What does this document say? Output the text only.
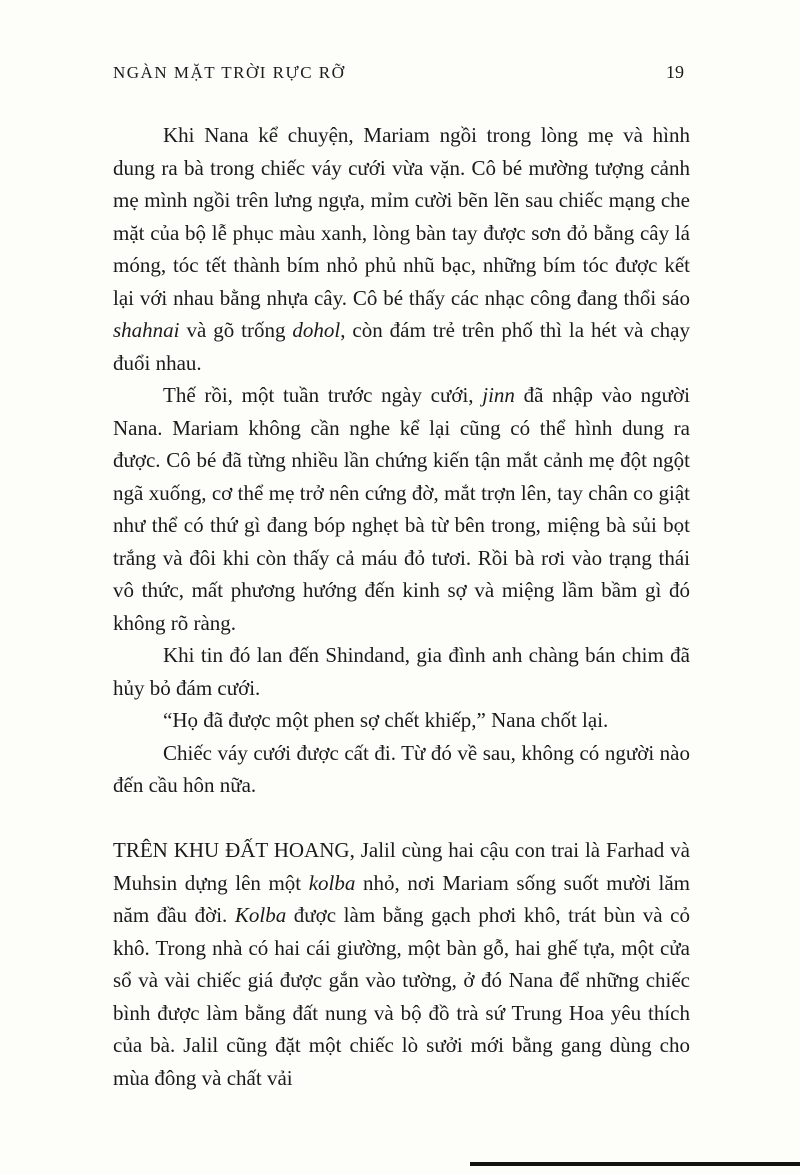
NGÀN MẶT TRỜI RỰC RỠ	19

Khi Nana kể chuyện, Mariam ngồi trong lòng mẹ và hình dung ra bà trong chiếc váy cưới vừa vặn. Cô bé mường tượng cảnh mẹ mình ngồi trên lưng ngựa, mỉm cười bẽn lẽn sau chiếc mạng che mặt của bộ lễ phục màu xanh, lòng bàn tay được sơn đỏ bằng cây lá móng, tóc tết thành bím nhỏ phủ nhũ bạc, những bím tóc được kết lại với nhau bằng nhựa cây. Cô bé thấy các nhạc công đang thổi sáo shahnai và gõ trống dohol, còn đám trẻ trên phố thì la hét và chạy đuổi nhau.

Thế rồi, một tuần trước ngày cưới, jinn đã nhập vào người Nana. Mariam không cần nghe kể lại cũng có thể hình dung ra được. Cô bé đã từng nhiều lần chứng kiến tận mắt cảnh mẹ đột ngột ngã xuống, cơ thể mẹ trở nên cứng đờ, mắt trợn lên, tay chân co giật như thể có thứ gì đang bóp nghẹt bà từ bên trong, miệng bà sủi bọt trắng và đôi khi còn thấy cả máu đỏ tươi. Rồi bà rơi vào trạng thái vô thức, mất phương hướng đến kinh sợ và miệng lầm bầm gì đó không rõ ràng.

Khi tin đó lan đến Shindand, gia đình anh chàng bán chim đã hủy bỏ đám cưới.

“Họ đã được một phen sợ chết khiếp,” Nana chốt lại.

Chiếc váy cưới được cất đi. Từ đó về sau, không có người nào đến cầu hôn nữa.

TRÊN KHU ĐẤT HOANG, Jalil cùng hai cậu con trai là Farhad và Muhsin dựng lên một kolba nhỏ, nơi Mariam sống suốt mười lăm năm đầu đời. Kolba được làm bằng gạch phơi khô, trát bùn và cỏ khô. Trong nhà có hai cái giường, một bàn gỗ, hai ghế tựa, một cửa sổ và vài chiếc giá được gắn vào tường, ở đó Nana để những chiếc bình được làm bằng đất nung và bộ đồ trà sứ Trung Hoa yêu thích của bà. Jalil cũng đặt một chiếc lò sưởi mới bằng gang dùng cho mùa đông và chất vải
